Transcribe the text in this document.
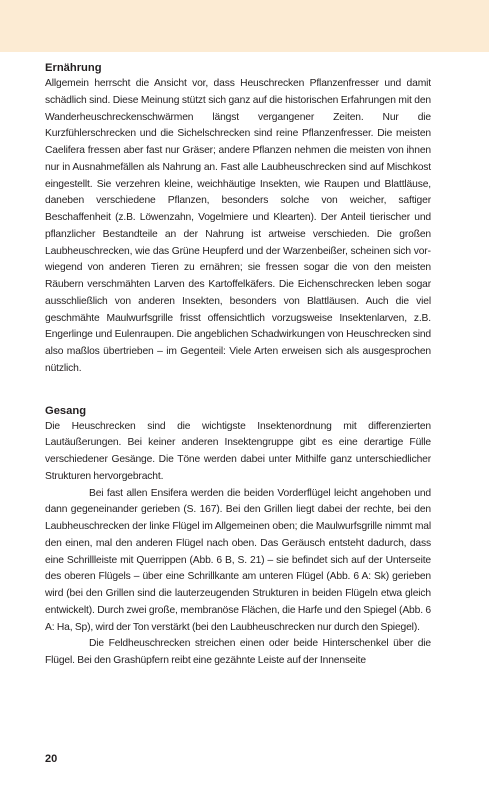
Ernährung

Allgemein herrscht die Ansicht vor, dass Heuschrecken Pflanzenfresser und damit schädlich sind. Diese Meinung stützt sich ganz auf die historischen Erfahrungen mit den Wanderheuschreckenschwärmen längst vergangener Zeiten. Nur die Kurzfühlerschrecken und die Sichelschrecken sind reine Pflanzenfresser. Die meisten Caelifera fressen aber fast nur Gräser; andere Pflanzen nehmen die meisten von ihnen nur in Ausnahmefällen als Nahrung an. Fast alle Laubheuschrecken sind auf Mischkost eingestellt. Sie verzehren kleine, weichhäutige Insekten, wie Raupen und Blattläuse, daneben verschiedene Pflanzen, besonders solche von weicher, saftiger Beschaffenheit (z.B. Löwenzahn, Vogelmiere und Klearten). Der Anteil tierischer und pflanzlicher Bestandteile an der Nahrung ist artweise verschieden. Die großen Laubheuschrecken, wie das Grüne Heupferd und der Warzenbeißer, scheinen sich vorwiegend von anderen Tieren zu ernähren; sie fressen sogar die von den meisten Räubern verschmähten Larven des Kartoffelkäfers. Die Eichenschrecken leben sogar ausschließlich von anderen Insekten, besonders von Blattläusen. Auch die viel geschmähte Maulwurfsgrille frisst offensichtlich vorzugsweise Insektenlarven, z.B. Engerlinge und Eulenraupen. Die angeblichen Schadwirkungen von Heuschrecken sind also maßlos übertrieben – im Gegenteil: Viele Arten erweisen sich als ausgesprochen nützlich.

Gesang

Die Heuschrecken sind die wichtigste Insektenordnung mit differenzierten Lautäußerungen. Bei keiner anderen Insektengruppe gibt es eine derartige Fülle verschiedener Gesänge. Die Töne werden dabei unter Mithilfe ganz unterschiedlicher Strukturen hervorgebracht.

Bei fast allen Ensifera werden die beiden Vorderflügel leicht angehoben und dann gegeneinander gerieben (S. 167). Bei den Grillen liegt dabei der rechte, bei den Laubheuschrecken der linke Flügel im Allgemeinen oben; die Maulwurfsgrille nimmt mal den einen, mal den anderen Flügel nach oben. Das Geräusch entsteht dadurch, dass eine Schrillleiste mit Querrippen (Abb. 6 B, S. 21) – sie befindet sich auf der Unterseite des oberen Flügels – über eine Schrillkante am unteren Flügel (Abb. 6 A: Sk) gerieben wird (bei den Grillen sind die lauterzeugenden Strukturen in beiden Flügeln etwa gleich entwickelt). Durch zwei große, membranöse Flächen, die Harfe und den Spiegel (Abb. 6 A: Ha, Sp), wird der Ton verstärkt (bei den Laubheuschrecken nur durch den Spiegel).

Die Feldheuschrecken streichen einen oder beide Hinterschenkel über die Flügel. Bei den Grashüpfern reibt eine gezähnte Leiste auf der Innenseite

20
